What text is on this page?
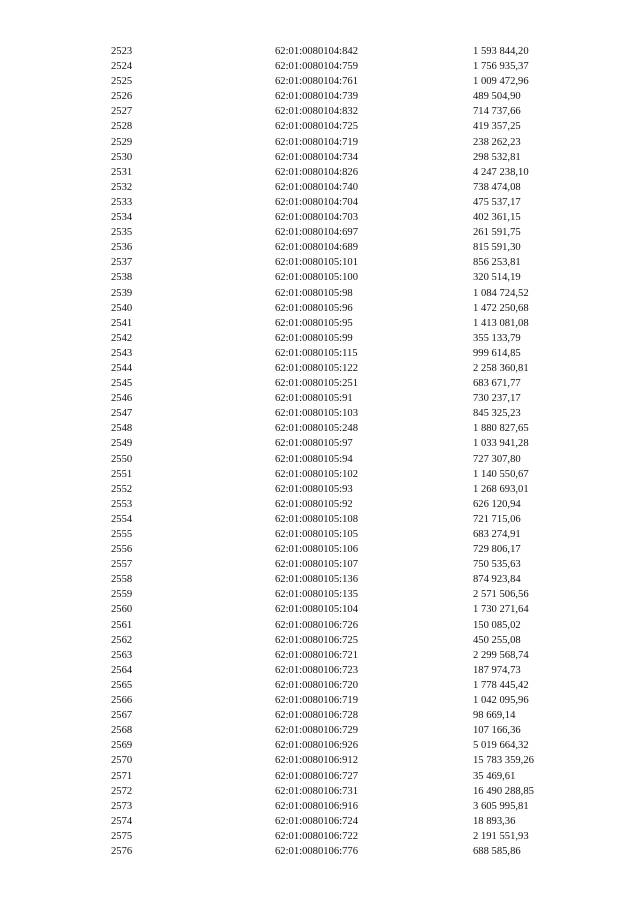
2523	62:01:0080104:842	1 593 844,20
2524	62:01:0080104:759	1 756 935,37
2525	62:01:0080104:761	1 009 472,96
2526	62:01:0080104:739	489 504,90
2527	62:01:0080104:832	714 737,66
2528	62:01:0080104:725	419 357,25
2529	62:01:0080104:719	238 262,23
2530	62:01:0080104:734	298 532,81
2531	62:01:0080104:826	4 247 238,10
2532	62:01:0080104:740	738 474,08
2533	62:01:0080104:704	475 537,17
2534	62:01:0080104:703	402 361,15
2535	62:01:0080104:697	261 591,75
2536	62:01:0080104:689	815 591,30
2537	62:01:0080105:101	856 253,81
2538	62:01:0080105:100	320 514,19
2539	62:01:0080105:98	1 084 724,52
2540	62:01:0080105:96	1 472 250,68
2541	62:01:0080105:95	1 413 081,08
2542	62:01:0080105:99	355 133,79
2543	62:01:0080105:115	999 614,85
2544	62:01:0080105:122	2 258 360,81
2545	62:01:0080105:251	683 671,77
2546	62:01:0080105:91	730 237,17
2547	62:01:0080105:103	845 325,23
2548	62:01:0080105:248	1 880 827,65
2549	62:01:0080105:97	1 033 941,28
2550	62:01:0080105:94	727 307,80
2551	62:01:0080105:102	1 140 550,67
2552	62:01:0080105:93	1 268 693,01
2553	62:01:0080105:92	626 120,94
2554	62:01:0080105:108	721 715,06
2555	62:01:0080105:105	683 274,91
2556	62:01:0080105:106	729 806,17
2557	62:01:0080105:107	750 535,63
2558	62:01:0080105:136	874 923,84
2559	62:01:0080105:135	2 571 506,56
2560	62:01:0080105:104	1 730 271,64
2561	62:01:0080106:726	150 085,02
2562	62:01:0080106:725	450 255,08
2563	62:01:0080106:721	2 299 568,74
2564	62:01:0080106:723	187 974,73
2565	62:01:0080106:720	1 778 445,42
2566	62:01:0080106:719	1 042 095,96
2567	62:01:0080106:728	98 669,14
2568	62:01:0080106:729	107 166,36
2569	62:01:0080106:926	5 019 664,32
2570	62:01:0080106:912	15 783 359,26
2571	62:01:0080106:727	35 469,61
2572	62:01:0080106:731	16 490 288,85
2573	62:01:0080106:916	3 605 995,81
2574	62:01:0080106:724	18 893,36
2575	62:01:0080106:722	2 191 551,93
2576	62:01:0080106:776	688 585,86
